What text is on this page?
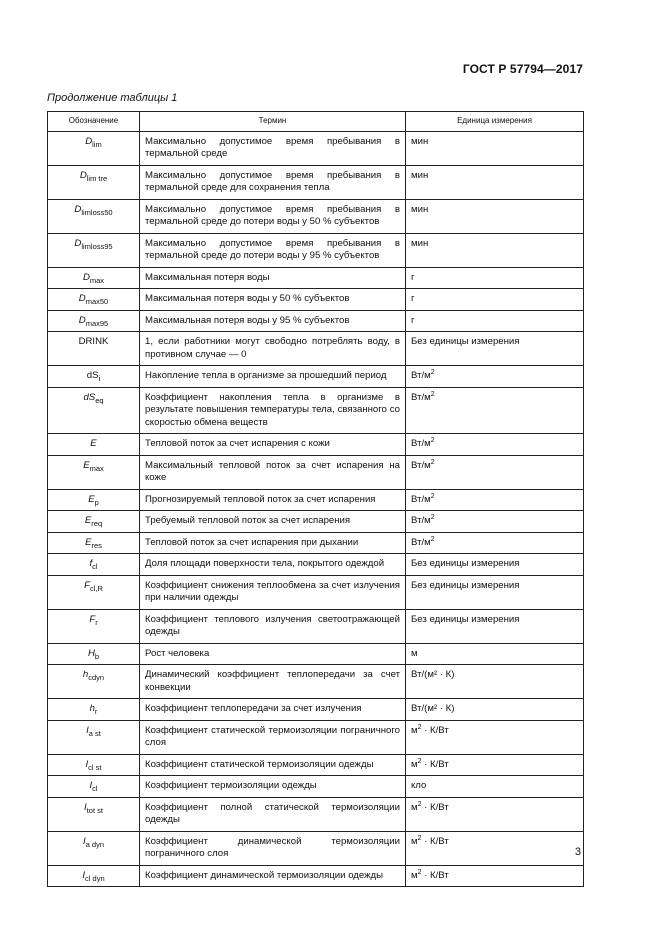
ГОСТ Р 57794—2017
Продолжение таблицы 1
Обозначение	Термин	Единица измерения
$D_{lim}$	Максимально допустимое время пребывания в термальной среде	мин
$D_{lim tre}$	Максимально допустимое время пребывания в термальной среде для сохранения тепла	мин
$D_{limloss50}$	Максимально допустимое время пребывания в термальной среде до потери воды у 50 % субъектов	мин
$D_{limloss95}$	Максимально допустимое время пребывания в термальной среде до потери воды у 95 % субъектов	мин
$D_{max}$	Максимальная потеря воды	г
$D_{max50}$	Максимальная потеря воды у 50 % субъектов	г
$D_{max95}$	Максимальная потеря воды у 95 % субъектов	г
DRINK	1, если работники могут свободно потреблять воду, в противном случае — 0	Без единицы измерения
$dS_i$	Накопление тепла в организме за прошедший период	$Вт/м^2$
$dS_{eq}$	Коэффициент накопления тепла в организме в результате повышения температуры тела, связанного со скоростью обмена веществ	$Вт/м^2$
E	Тепловой поток за счет испарения с кожи	$Вт/м^2$
$E_{max}$	Максимальный тепловой поток за счет испарения на коже	$Вт/м^2$
$E_p$	Прогнозируемый тепловой поток за счет испарения	$Вт/м^2$
$E_{req}$	Требуемый тепловой поток за счет испарения	$Вт/м^2$
$E_{res}$	Тепловой поток за счет испарения при дыхании	$Вт/м^2$
$f_{cl}$	Доля площади поверхности тела, покрытого одеждой	Без единицы измерения
$F_{cl,R}$	Коэффициент снижения теплообмена за счет излучения при наличии одежды	Без единицы измерения
$F_r$	Коэффициент теплового излучения светоотражающей одежды	Без единицы измерения
$H_b$	Рост человека	м
$h_{cdyn}$	Динамический коэффициент теплопередачи за счет конвекции	Вт/(м² · К)
$h_r$	Коэффициент теплопередачи за счет излучения	Вт/(м² · К)
$I_{a st}$	Коэффициент статической термоизоляции пограничного слоя	$м^2 \cdot К/Вт$
$I_{cl st}$	Коэффициент статической термоизоляции одежды	$м^2 \cdot К/Вт$
$I_{cl}$	Коэффициент термоизоляции одежды	кло
$I_{tot st}$	Коэффициент полной статической термоизоляции одежды	$м^2 \cdot К/Вт$
$I_{a dyn}$	Коэффициент динамической термоизоляции пограничного слоя	$м^2 \cdot К/Вт$
$I_{cl dyn}$	Коэффициент динамической термоизоляции одежды	$м^2 \cdot К/Вт$
3
